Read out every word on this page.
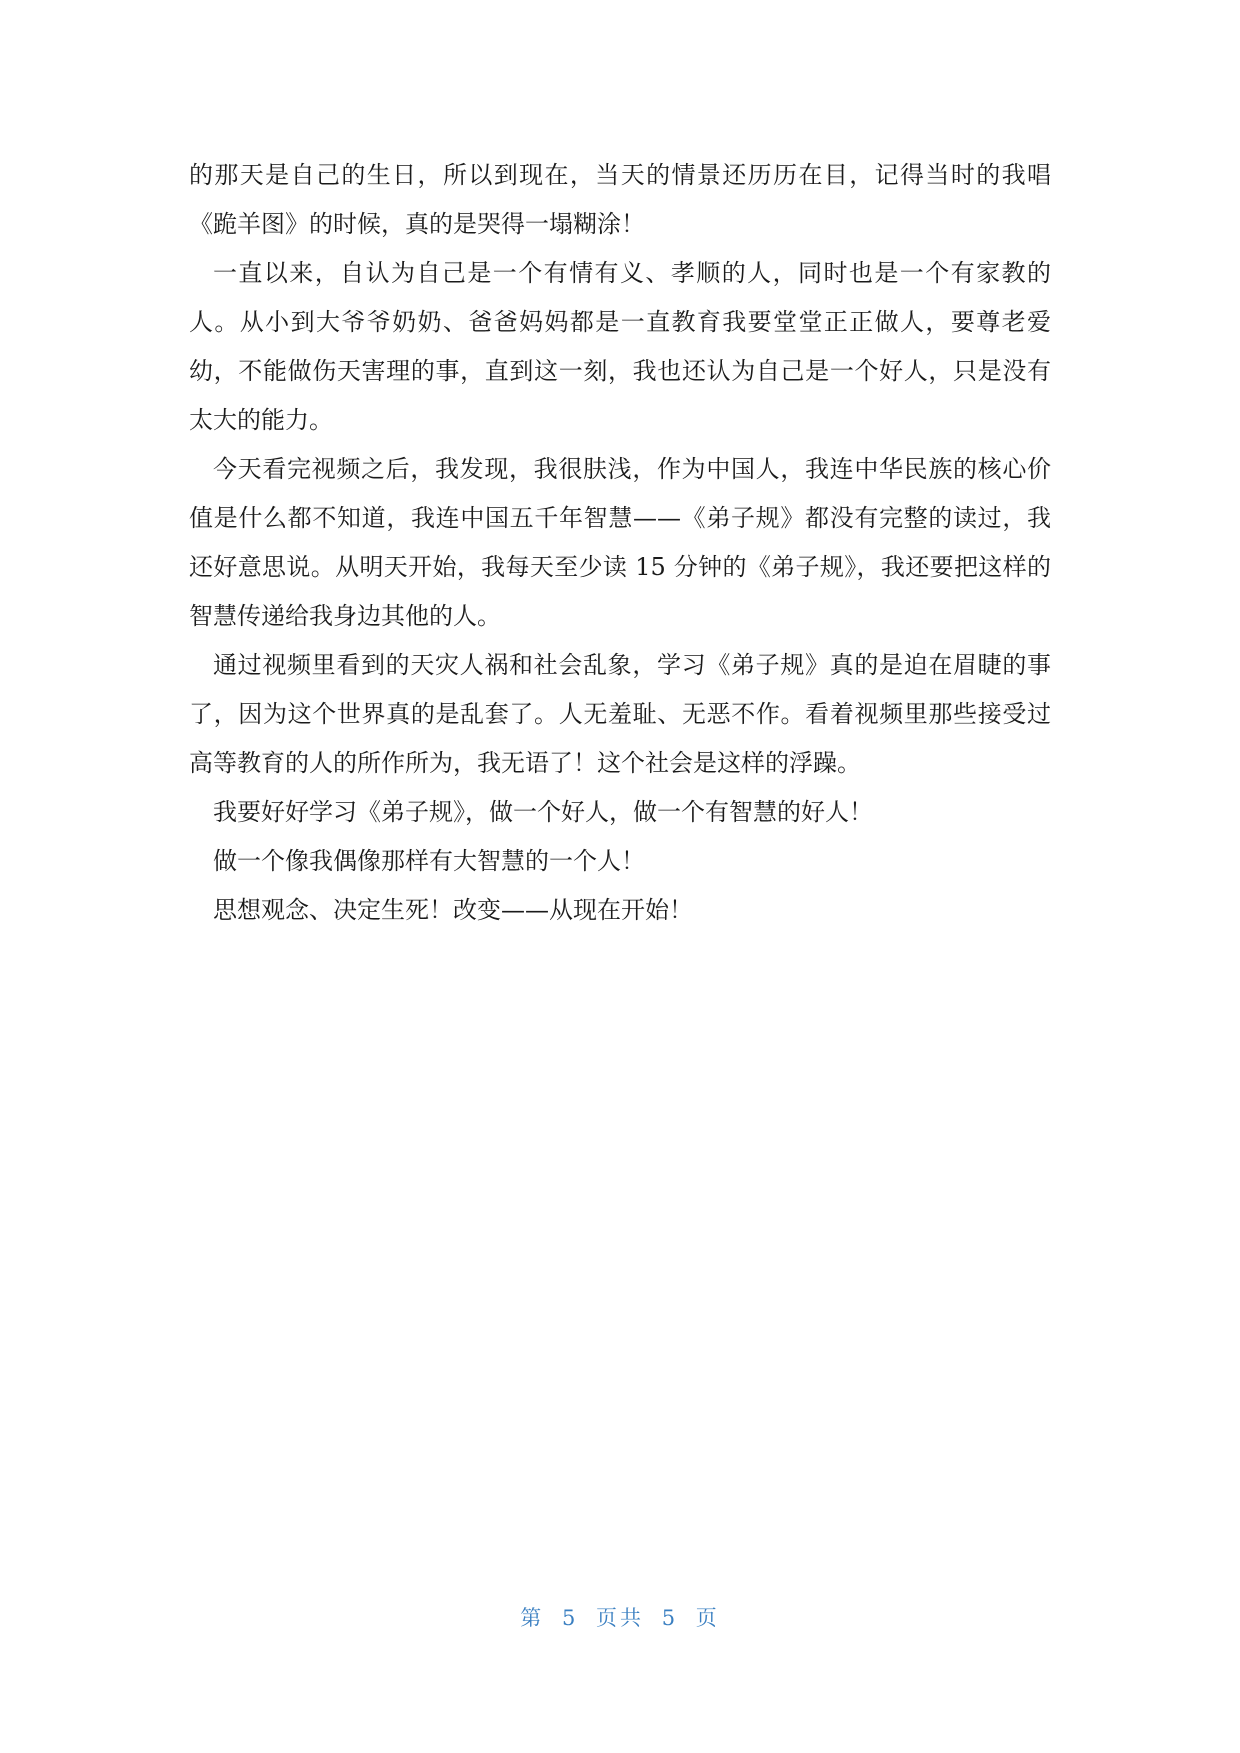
的那天是自己的生日，所以到现在，当天的情景还历历在目，记得当时的我唱《跪羊图》的时候，真的是哭得一塌糊涂！

一直以来，自认为自己是一个有情有义、孝顺的人，同时也是一个有家教的人。从小到大爷爷奶奶、爸爸妈妈都是一直教育我要堂堂正正做人，要尊老爱幼，不能做伤天害理的事，直到这一刻，我也还认为自己是一个好人，只是没有太大的能力。

今天看完视频之后，我发现，我很肤浅，作为中国人，我连中华民族的核心价值是什么都不知道，我连中国五千年智慧——《弟子规》都没有完整的读过，我还好意思说。从明天开始，我每天至少读 15 分钟的《弟子规》，我还要把这样的智慧传递给我身边其他的人。

通过视频里看到的天灾人祸和社会乱象，学习《弟子规》真的是迫在眉睫的事了，因为这个世界真的是乱套了。人无羞耻、无恶不作。看着视频里那些接受过高等教育的人的所作所为，我无语了！这个社会是这样的浮躁。

我要好好学习《弟子规》，做一个好人，做一个有智慧的好人！

做一个像我偶像那样有大智慧的一个人！

思想观念、决定生死！改变——从现在开始！

第 5 页共 5 页
